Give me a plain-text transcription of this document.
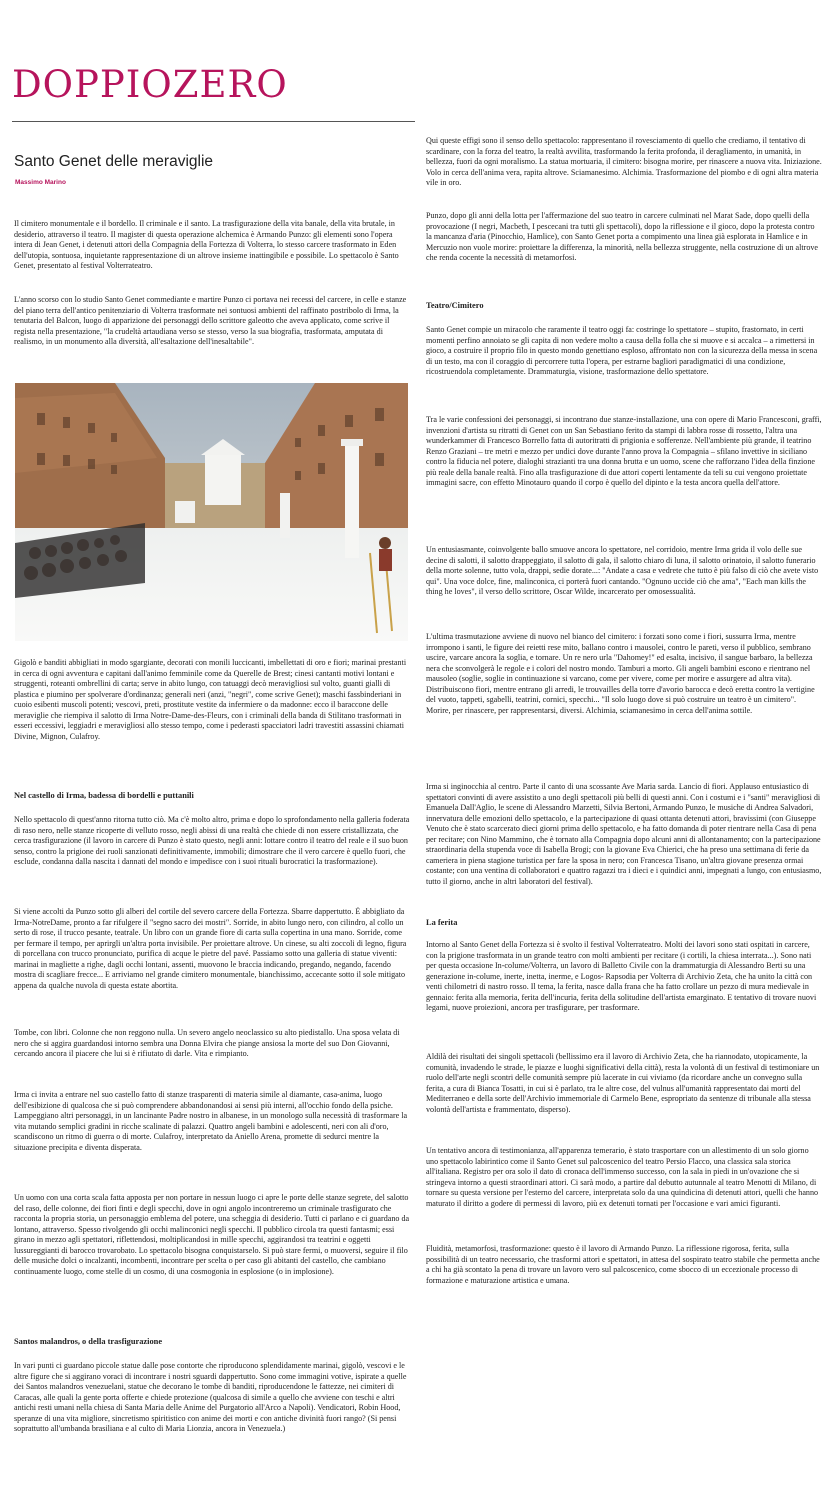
DOPPIOZERO
Santo Genet delle meraviglie
Massimo Marino

Il cimitero monumentale e il bordello. Il criminale e il santo. La trasfigurazione della vita banale, della vita brutale, in desiderio, attraverso il teatro. Il magister di questa operazione alchemica è Armando Punzo: gli elementi sono l'opera intera di Jean Genet, i detenuti attori della Compagnia della Fortezza di Volterra, lo stesso carcere trasformato in Eden dell'utopia, sontuosa, inquietante rappresentazione di un altrove insieme inattingibile e possibile. Lo spettacolo è Santo Genet, presentato al festival Volterrateatro.

L'anno scorso con lo studio Santo Genet commediante e martire Punzo ci portava nei recessi del carcere, in celle e stanze del piano terra dell'antico penitenziario di Volterra trasformate nei sontuosi ambienti del raffinato postribolo di Irma, la tenutaria del Balcon, luogo di apparizione dei personaggi dello scrittore galeotto che aveva applicato, come scrive il regista nella presentazione, "la crudeltà artaudiana verso se stesso, verso la sua biografia, trasformata, amputata di realismo, in un monumento alla diversità, all'esaltazione dell'inesaltabile".

Gigolò e banditi abbigliati in modo sgargiante, decorati con monili luccicanti, imbellettati di oro e fiori; marinai prestanti in cerca di ogni avventura e capitani dall'animo femminile come da Querelle de Brest; cinesi cantanti motivi lontani e struggenti, roteanti ombrellini di carta; serve in abito lungo, con tatuaggi decò meravigliosi sul volto, guanti gialli di plastica e piumino per spolverare d'ordinanza; generali neri (anzi, "negri", come scrive Genet); maschi fassbinderiani in cuoio esibenti muscoli potenti; vescovi, preti, prostitute vestite da infermiere o da madonne: ecco il baraccone delle meraviglie che riempiva il salotto di Irma Notre-Dame-des-Fleurs, con i criminali della banda di Stilitano trasformati in esseri eccessivi, leggiadri e meravigliosi allo stesso tempo, come i pederasti spacciatori ladri travestiti assassini chiamati Divine, Mignon, Culafroy.

Nel castello di Irma, badessa di bordelli e puttanili

Nello spettacolo di quest'anno ritorna tutto ciò. Ma c'è molto altro, prima e dopo lo sprofondamento nella galleria foderata di raso nero, nelle stanze ricoperte di velluto rosso, negli abissi di una realtà che chiede di non essere cristallizzata, che cerca trasfigurazione (il lavoro in carcere di Punzo è stato questo, negli anni: lottare contro il teatro del reale e il suo buon senso, contro la prigione dei ruoli sanzionati definitivamente, immobili; dimostrare che il vero carcere è quello fuori, che esclude, condanna dalla nascita i dannati del mondo e impedisce con i suoi rituali burocratici la trasformazione).

Si viene accolti da Punzo sotto gli alberi del cortile del severo carcere della Fortezza. Sbarre dappertutto. È abbigliato da Irma-NotreDame, pronto a far rifulgere il "segno sacro dei mostri". Sorride, in abito lungo nero, con cilindro, al collo un serto di rose, il trucco pesante, teatrale. Un libro con un grande fiore di carta sulla copertina in una mano. Sorride, come per fermare il tempo, per aprirgli un'altra porta invisibile. Per proiettare altrove. Un cinese, su alti zoccoli di legno, figura di porcellana con trucco pronunciato, purifica di acque le pietre del pavé. Passiamo sotto una galleria di statue viventi: marinai in magliette a righe, dagli occhi lontani, assenti, muovono le braccia indicando, pregando, negando, facendo mostra di scagliare frecce... E arriviamo nel grande cimitero monumentale, bianchissimo, accecante sotto il sole mitigato appena da qualche nuvola di questa estate abortita.

Tombe, con libri. Colonne che non reggono nulla. Un severo angelo neoclassico su alto piedistallo. Una sposa velata di nero che si aggira guardandosi intorno sembra una Donna Elvira che piange ansiosa la morte del suo Don Giovanni, cercando ancora il piacere che lui si è rifiutato di darle. Vita e rimpianto.

Irma ci invita a entrare nel suo castello fatto di stanze trasparenti di materia simile al diamante, casa-anima, luogo dell'esibizione di qualcosa che si può comprendere abbandonandosi ai sensi più interni, all'occhio fondo della psiche. Lampeggiano altri personaggi, in un lancinante Padre nostro in albanese, in un monologo sulla necessità di trasformare la vita mutando semplici gradini in ricche scalinate di palazzi. Quattro angeli bambini e adolescenti, neri con ali d'oro, scandiscono un ritmo di guerra o di morte. Culafroy, interpretato da Aniello Arena, promette di sedurci mentre la situazione precipita e diventa disperata.

Un uomo con una corta scala fatta apposta per non portare in nessun luogo ci apre le porte delle stanze segrete, del salotto del raso, delle colonne, dei fiori finti e degli specchi, dove in ogni angolo incontreremo un criminale trasfigurato che racconta la propria storia, un personaggio emblema del potere, una scheggia di desiderio. Tutti ci parlano e ci guardano da lontano, attraverso. Spesso rivolgendo gli occhi malinconici negli specchi. Il pubblico circola tra questi fantasmi; essi girano in mezzo agli spettatori, riflettendosi, moltiplicandosi in mille specchi, aggirandosi tra teatrini e oggetti lussureggianti di barocco trovarobato. Lo spettacolo bisogna conquistarselo. Si può stare fermi, o muoversi, seguire il filo delle musiche dolci o incalzanti, incombenti, incontrare per scelta o per caso gli abitanti del castello, che cambiano continuamente luogo, come stelle di un cosmo, di una cosmogonia in esplosione (o in implosione).

Santos malandros, o della trasfigurazione

In vari punti ci guardano piccole statue dalle pose contorte che riproducono splendidamente marinai, gigolò, vescovi e le altre figure che si aggirano voraci di incontrare i nostri sguardi dappertutto. Sono come immagini votive, ispirate a quelle dei Santos malandros venezuelani, statue che decorano le tombe di banditi, riproducendone le fattezze, nei cimiteri di Caracas, alle quali la gente porta offerte e chiede protezione (qualcosa di simile a quello che avviene con teschi e altri antichi resti umani nella chiesa di Santa Maria delle Anime del Purgatorio all'Arco a Napoli). Vendicatori, Robin Hood, speranze di una vita migliore, sincretismo spiritistico con anime dei morti e con antiche divinità fuori rango? (Si pensi soprattutto all'umbanda brasiliana e al culto di Maria Lionzia, ancora in Venezuela.)

Qui queste effigi sono il senso dello spettacolo: rappresentano il rovesciamento di quello che crediamo, il tentativo di scardinare, con la forza del teatro, la realtà avvilita, trasformando la ferita profonda, il deragliamento, in umanità, in bellezza, fuori da ogni moralismo. La statua mortuaria, il cimitero: bisogna morire, per rinascere a nuova vita. Iniziazione. Volo in cerca dell'anima vera, rapita altrove. Sciamanesimo. Alchimia. Trasformazione del piombo e di ogni altra materia vile in oro.

Punzo, dopo gli anni della lotta per l'affermazione del suo teatro in carcere culminati nel Marat Sade, dopo quelli della provocazione (I negri, Macbeth, I pescecani tra tutti gli spettacoli), dopo la riflessione e il gioco, dopo la protesta contro la mancanza d'aria (Pinocchio, Hamlice), con Santo Genet porta a compimento una linea già esplorata in Hamlice e in Mercuzio non vuole morire: proiettare la differenza, la minorità, nella bellezza struggente, nella costruzione di un altrove che renda cocente la necessità di metamorfosi.

Teatro/Cimitero

Santo Genet compie un miracolo che raramente il teatro oggi fa: costringe lo spettatore – stupito, frastornato, in certi momenti perfino annoiato se gli capita di non vedere molto a causa della folla che si muove e si accalca – a rimettersi in gioco, a costruire il proprio filo in questo mondo genettiano esploso, affrontato non con la sicurezza della messa in scena di un testo, ma con il coraggio di percorrere tutta l'opera, per estrarne bagliori paradigmatici di una condizione, ricostruendola completamente. Drammaturgia, visione, trasformazione dello spettatore.

Tra le varie confessioni dei personaggi, si incontrano due stanze-installazione, una con opere di Mario Francesconi, graffi, invenzioni d'artista su ritratti di Genet con un San Sebastiano ferito da stampi di labbra rosse di rossetto, l'altra una wunderkammer di Francesco Borrello fatta di autoritratti di prigionia e sofferenze. Nell'ambiente più grande, il teatrino Renzo Graziani – tre metri e mezzo per undici dove durante l'anno prova la Compagnia – sfilano invettive in siciliano contro la fiducia nel potere, dialoghi strazianti tra una donna brutta e un uomo, scene che rafforzano l'idea della finzione più reale della banale realtà. Fino alla trasfigurazione di due attori coperti lentamente da teli su cui vengono proiettate immagini sacre, con effetto Minotauro quando il corpo è quello del dipinto e la testa ancora quella dell'attore.

Un entusiasmante, coinvolgente ballo smuove ancora lo spettatore, nel corridoio, mentre Irma grida il volo delle sue decine di salotti, il salotto drappeggiato, il salotto di gala, il salotto chiaro di luna, il salotto orinatoio, il salotto funerario della morte solenne, tutto vola, drappi, sedie dorate...: "Andate a casa e vedrete che tutto è più falso di ciò che avete visto qui". Una voce dolce, fine, malinconica, ci porterà fuori cantando. "Ognuno uccide ciò che ama", "Each man kills the thing he loves", il verso dello scrittore, Oscar Wilde, incarcerato per omosessualità.

L'ultima trasmutazione avviene di nuovo nel bianco del cimitero: i forzati sono come i fiori, sussurra Irma, mentre irrompono i santi, le figure dei reietti rese mito, ballano contro i mausolei, contro le pareti, verso il pubblico, sembrano uscire, varcare ancora la soglia, e tornare. Un re nero urla "Dahomey!" ed esalta, incisivo, il sangue barbaro, la bellezza nera che sconvolgerà le regole e i colori del nostro mondo. Tamburi a morto. Gli angeli bambini escono e rientrano nel mausoleo (soglie, soglie in continuazione si varcano, come per vivere, come per morire e assurgere ad altra vita). Distribuiscono fiori, mentre entrano gli arredi, le trouvailles della torre d'avorio barocca e decò eretta contro la vertigine del vuoto, tappeti, sgabelli, teatrini, cornici, specchi... "Il solo luogo dove si può costruire un teatro è un cimitero". Morire, per rinascere, per rappresentarsi, diversi. Alchimia, sciamanesimo in cerca dell'anima sottile.

Irma si inginocchia al centro. Parte il canto di una scossante Ave Maria sarda. Lancio di fiori. Applauso entusiastico di spettatori convinti di avere assistito a uno degli spettacoli più belli di questi anni. Con i costumi e i "santi" meravigliosi di Emanuela Dall'Aglio, le scene di Alessandro Marzetti, Silvia Bertoni, Armando Punzo, le musiche di Andrea Salvadori, innervatura delle emozioni dello spettacolo, e la partecipazione di quasi ottanta detenuti attori, bravissimi (con Giuseppe Venuto che è stato scarcerato dieci giorni prima dello spettacolo, e ha fatto domanda di poter rientrare nella Casa di pena per recitare; con Nino Mammino, che è tornato alla Compagnia dopo alcuni anni di allontanamento; con la partecipazione straordinaria della stupenda voce di Isabella Brogi; con la giovane Eva Chierici, che ha preso una settimana di ferie da cameriera in piena stagione turistica per fare la sposa in nero; con Francesca Tisano, un'altra giovane presenza ormai costante; con una ventina di collaboratori e quattro ragazzi tra i dieci e i quindici anni, impegnati a lungo, con entusiasmo, tutto il giorno, anche in altri laboratori del festival).

La ferita

Intorno al Santo Genet della Fortezza si è svolto il festival Volterrateatro. Molti dei lavori sono stati ospitati in carcere, con la prigione trasformata in un grande teatro con molti ambienti per recitare (i cortili, la chiesa interrata...). Sono nati per questa occasione In-colume/Volterra, un lavoro di Balletto Civile con la drammaturgia di Alessandro Berti su una generazione in-colume, inerte, inetta, inerme, e Logos- Rapsodia per Volterra di Archivio Zeta, che ha unito la città con venti chilometri di nastro rosso. Il tema, la ferita, nasce dalla frana che ha fatto crollare un pezzo di mura medievale in gennaio: ferita alla memoria, ferita dell'incuria, ferita della solitudine dell'artista emarginato. E tentativo di trovare nuovi legami, nuove proiezioni, ancora per trasfigurare, per trasformare.

Aldilà dei risultati dei singoli spettacoli (bellissimo era il lavoro di Archivio Zeta, che ha riannodato, utopicamente, la comunità, invadendo le strade, le piazze e luoghi significativi della città), resta la volontà di un festival di testimoniare un ruolo dell'arte negli scontri delle comunità sempre più lacerate in cui viviamo (da ricordare anche un convegno sulla ferita, a cura di Bianca Tosatti, in cui si è parlato, tra le altre cose, del vulnus all'umanità rappresentato dai morti del Mediterraneo e della sorte dell'Archivio immemoriale di Carmelo Bene, espropriato da sentenze di tribunale alla stessa volontà dell'artista e frammentato, disperso).

Un tentativo ancora di testimonianza, all'apparenza temerario, è stato trasportare con un allestimento di un solo giorno uno spettacolo labirintico come il Santo Genet sul palcoscenico del teatro Persio Flacco, una classica sala storica all'italiana. Registro per ora solo il dato di cronaca dell'immenso successo, con la sala in piedi in un'ovazione che si stringeva intorno a questi straordinari attori. Ci sarà modo, a partire dal debutto autunnale al teatro Menotti di Milano, di tornare su questa versione per l'esterno del carcere, interpretata solo da una quindicina di detenuti attori, quelli che hanno maturato il diritto a godere di permessi di lavoro, più ex detenuti tornati per l'occasione e vari amici figuranti.

Fluidità, metamorfosi, trasformazione: questo è il lavoro di Armando Punzo. La riflessione rigorosa, ferita, sulla possibilità di un teatro necessario, che trasformi attori e spettatori, in attesa del sospirato teatro stabile che permetta anche a chi ha già scontato la pena di trovare un lavoro vero sul palcoscenico, come sbocco di un eccezionale processo di formazione e maturazione artistica e umana.
